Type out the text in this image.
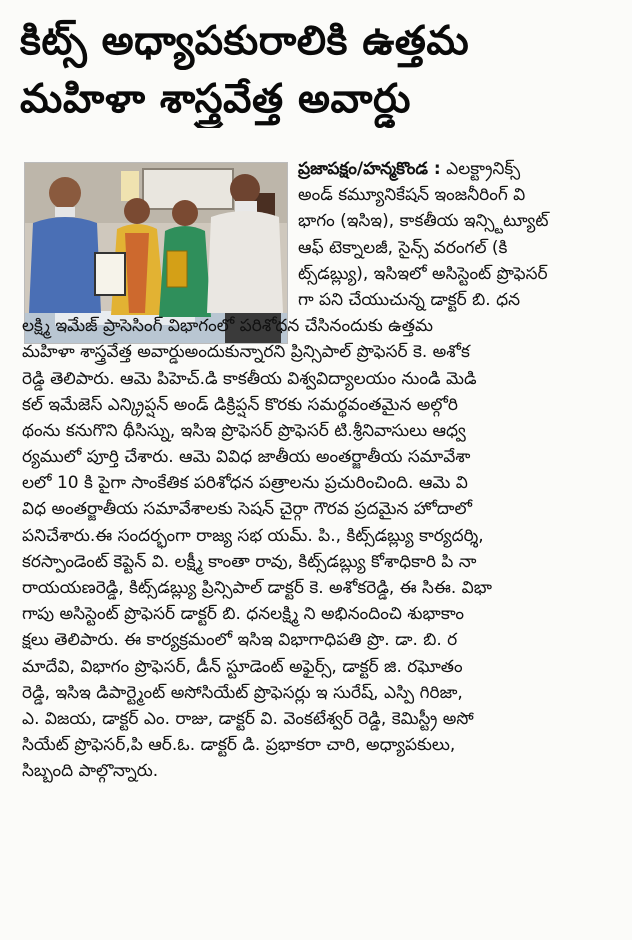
కిట్స్ అధ్యాపకురాలికి ఉత్తమ
మహిళా శాస్త్రవేత్త అవార్డు
ప్రజాపక్షం/హన్మకొండ : ఎలక్ట్రానిక్స్
అండ్ కమ్యూనికేషన్ ఇంజనీరింగ్ వి
భాగం (ఇసిఇ), కాకతీయ ఇన్స్టిట్యూట్
ఆఫ్ టెక్నాలజీ, సైన్స్ వరంగల్ (కి
ట్స్‌డబ్ల్యు), ఇసిఇలో అసిస్టెంట్ ప్రొఫెసర్
గా పని చేయుచున్న డాక్టర్ బి. ధన
లక్ష్మి ఇమేజ్ ప్రాసెసింగ్ విభాగంలో పరిశోధన చేసినందుకు ఉత్తమ
మహిళా శాస్త్రవేత్త అవార్డుఅందుకున్నారని ప్రిన్సిపాల్ ప్రొఫెసర్ కె. అశోక
రెడ్డి తెలిపారు. ఆమె పిహెచ్.డి కాకతీయ విశ్వవిద్యాలయం నుండి మెడి
కల్ ఇమేజెస్ ఎన్క్రిప్షన్ అండ్ డిక్రిప్షన్ కొరకు సమర్థవంతమైన అల్గోరి
థంను కనుగొని థీసిస్ను, ఇసిఇ ప్రొఫెసర్ ప్రొఫెసర్ టి.శ్రీనివాసులు ఆధ్వ
ర్యములో పూర్తి చేశారు. ఆమె వివిధ జాతీయ అంతర్జాతీయ సమావేశా
లలో 10 కి పైగా సాంకేతిక పరిశోధన పత్రాలను ప్రచురించింది. ఆమె వి
విధ అంతర్జాతీయ సమావేశాలకు సెషన్ చైర్గా గౌరవ ప్రదమైన హోదాలో
పనిచేశారు.ఈ సందర్భంగా రాజ్య సభ యమ్. పి., కిట్స్‌డబ్ల్యు కార్యదర్శి,
కరస్పాండెంట్ కెప్టెన్ వి. లక్ష్మీ కాంతా రావు, కిట్స్‌డబ్ల్యు కోశాధికారి పి నా
రాయయణరెడ్డి, కిట్స్‌డబ్ల్యు ప్రిన్సిపాల్ డాక్టర్ కె. అశోకరెడ్డి, ఈ సిఈ. విభా
గాపు అసిస్టెంట్ ప్రొఫెసర్ డాక్టర్ బి. ధనలక్ష్మి ని అభినందించి శుభాకాం
క్షలు తెలిపారు. ఈ కార్యక్రమంలో ఇసిఇ విభాగాధిపతి ప్రొ. డా. బి. ర
మాదేవి, విభాగం ప్రొఫెసర్, డీన్ స్టూడెంట్ అఫైర్స్, డాక్టర్ జి. రఘోతం
రెడ్డి, ఇసిఇ డిపార్ట్మెంట్ అసోసియేట్ ప్రొఫెసర్లు ఇ సురేష్, ఎస్పి గిరిజా,
ఎ. విజయ, డాక్టర్ ఎం. రాజు, డాక్టర్ వి. వెంకటేశ్వర్ రెడ్డి, కెమిస్ట్రీ అసో
సియేట్ ప్రొఫెసర్,పి ఆర్.ఓ. డాక్టర్ డి. ప్రభాకరా చారి, అధ్యాపకులు,
సిబ్బంది పాల్గొన్నారు.
